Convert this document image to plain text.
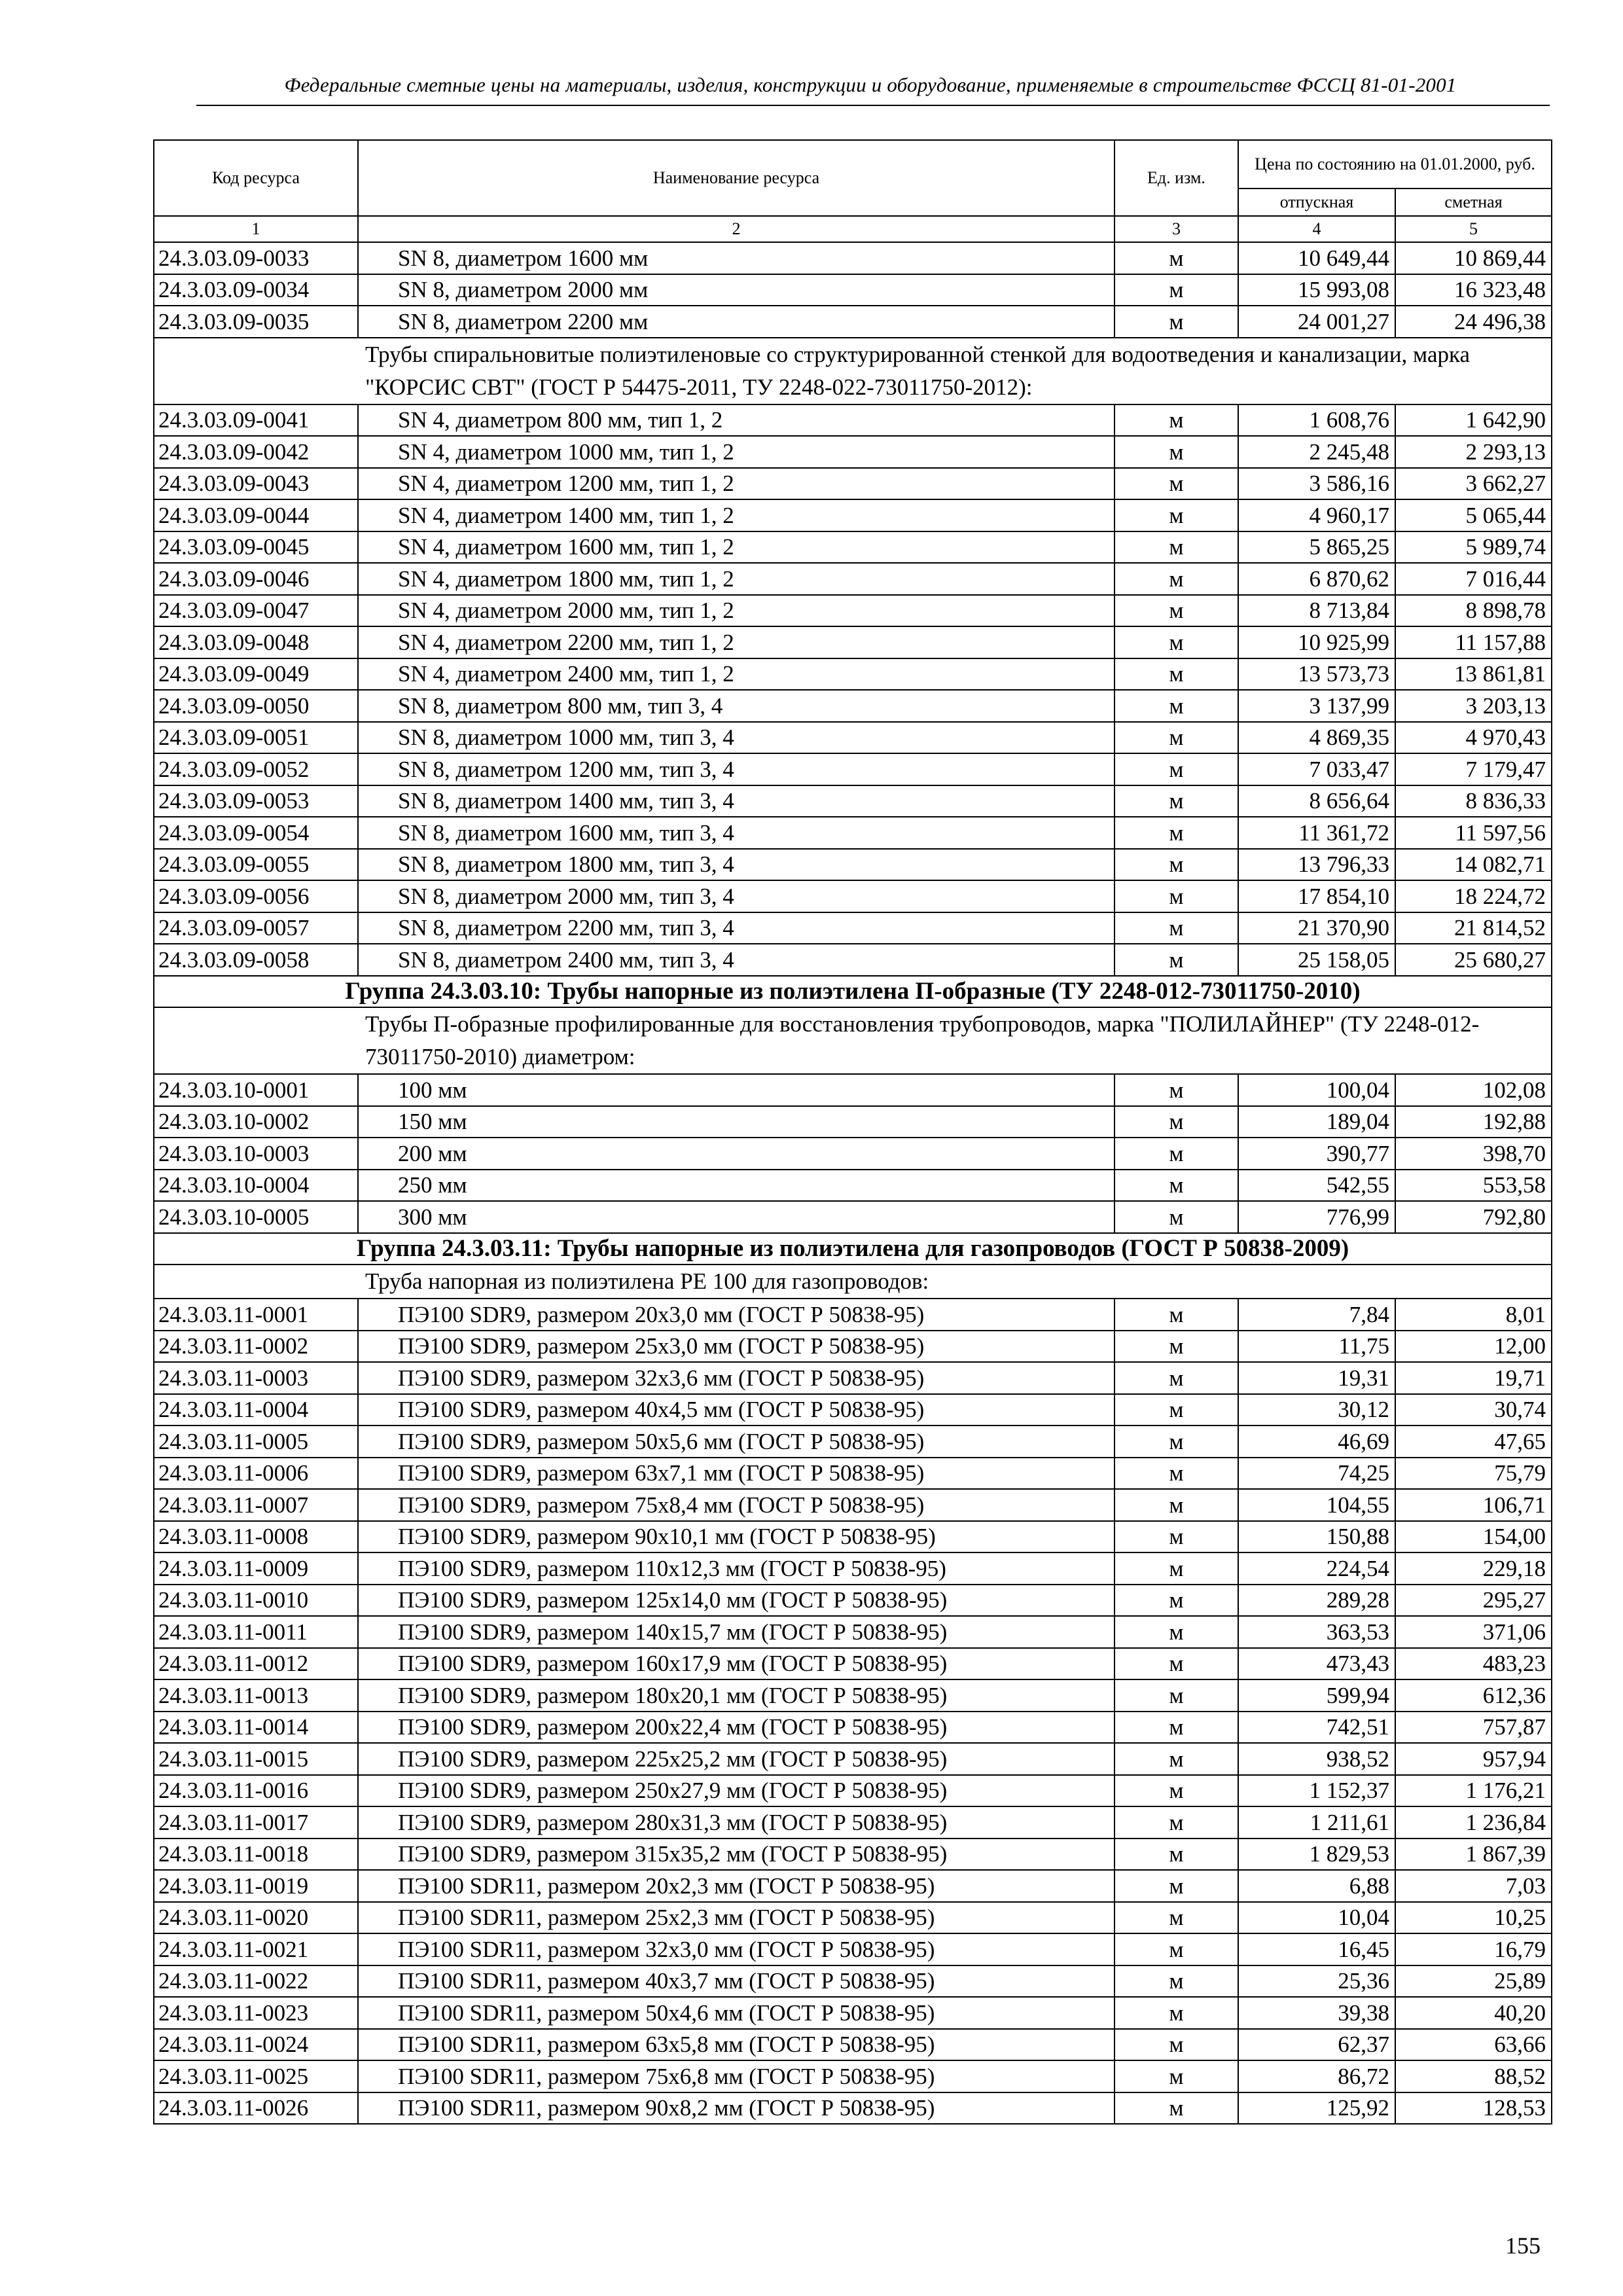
Федеральные сметные цены на материалы, изделия, конструкции и оборудование, применяемые в строительстве ФССЦ 81-01-2001
Код ресурса	Наименование ресурса	Ед. изм.	Цена по состоянию на 01.01.2000, руб.	
			отпускная	сметная
1	2	3	4	5
24.3.03.09-0033	SN 8, диаметром 1600 мм	м	10 649,44	10 869,44
24.3.03.09-0034	SN 8, диаметром 2000 мм	м	15 993,08	16 323,48
24.3.03.09-0035	SN 8, диаметром 2200 мм	м	24 001,27	24 496,38
Трубы спиральновитые полиэтиленовые со структурированной стенкой для водоотведения и канализации, марка "КОРСИС СВТ" (ГОСТ Р 54475-2011, ТУ 2248-022-73011750-2012):				
24.3.03.09-0041	SN 4, диаметром 800 мм, тип 1, 2	м	1 608,76	1 642,90
24.3.03.09-0042	SN 4, диаметром 1000 мм, тип 1, 2	м	2 245,48	2 293,13
24.3.03.09-0043	SN 4, диаметром 1200 мм, тип 1, 2	м	3 586,16	3 662,27
24.3.03.09-0044	SN 4, диаметром 1400 мм, тип 1, 2	м	4 960,17	5 065,44
24.3.03.09-0045	SN 4, диаметром 1600 мм, тип 1, 2	м	5 865,25	5 989,74
24.3.03.09-0046	SN 4, диаметром 1800 мм, тип 1, 2	м	6 870,62	7 016,44
24.3.03.09-0047	SN 4, диаметром 2000 мм, тип 1, 2	м	8 713,84	8 898,78
24.3.03.09-0048	SN 4, диаметром 2200 мм, тип 1, 2	м	10 925,99	11 157,88
24.3.03.09-0049	SN 4, диаметром 2400 мм, тип 1, 2	м	13 573,73	13 861,81
24.3.03.09-0050	SN 8, диаметром 800 мм, тип 3, 4	м	3 137,99	3 203,13
24.3.03.09-0051	SN 8, диаметром 1000 мм, тип 3, 4	м	4 869,35	4 970,43
24.3.03.09-0052	SN 8, диаметром 1200 мм, тип 3, 4	м	7 033,47	7 179,47
24.3.03.09-0053	SN 8, диаметром 1400 мм, тип 3, 4	м	8 656,64	8 836,33
24.3.03.09-0054	SN 8, диаметром 1600 мм, тип 3, 4	м	11 361,72	11 597,56
24.3.03.09-0055	SN 8, диаметром 1800 мм, тип 3, 4	м	13 796,33	14 082,71
24.3.03.09-0056	SN 8, диаметром 2000 мм, тип 3, 4	м	17 854,10	18 224,72
24.3.03.09-0057	SN 8, диаметром 2200 мм, тип 3, 4	м	21 370,90	21 814,52
24.3.03.09-0058	SN 8, диаметром 2400 мм, тип 3, 4	м	25 158,05	25 680,27
Группа 24.3.03.10: Трубы напорные из полиэтилена П-образные (ТУ 2248-012-73011750-2010)				
Трубы П-образные профилированные для восстановления трубопроводов, марка "ПОЛИЛАЙНЕР" (ТУ 2248-012-73011750-2010) диаметром:				
24.3.03.10-0001	100 мм	м	100,04	102,08
24.3.03.10-0002	150 мм	м	189,04	192,88
24.3.03.10-0003	200 мм	м	390,77	398,70
24.3.03.10-0004	250 мм	м	542,55	553,58
24.3.03.10-0005	300 мм	м	776,99	792,80
Группа 24.3.03.11: Трубы напорные из полиэтилена для газопроводов (ГОСТ Р 50838-2009)				
Труба напорная из полиэтилена PE 100 для газопроводов:				
24.3.03.11-0001	ПЭ100 SDR9, размером 20x3,0 мм (ГОСТ Р 50838-95)	м	7,84	8,01
24.3.03.11-0002	ПЭ100 SDR9, размером 25x3,0 мм (ГОСТ Р 50838-95)	м	11,75	12,00
24.3.03.11-0003	ПЭ100 SDR9, размером 32x3,6 мм (ГОСТ Р 50838-95)	м	19,31	19,71
24.3.03.11-0004	ПЭ100 SDR9, размером 40x4,5 мм (ГОСТ Р 50838-95)	м	30,12	30,74
24.3.03.11-0005	ПЭ100 SDR9, размером 50x5,6 мм (ГОСТ Р 50838-95)	м	46,69	47,65
24.3.03.11-0006	ПЭ100 SDR9, размером 63x7,1 мм (ГОСТ Р 50838-95)	м	74,25	75,79
24.3.03.11-0007	ПЭ100 SDR9, размером 75x8,4 мм (ГОСТ Р 50838-95)	м	104,55	106,71
24.3.03.11-0008	ПЭ100 SDR9, размером 90x10,1 мм (ГОСТ Р 50838-95)	м	150,88	154,00
24.3.03.11-0009	ПЭ100 SDR9, размером 110x12,3 мм (ГОСТ Р 50838-95)	м	224,54	229,18
24.3.03.11-0010	ПЭ100 SDR9, размером 125x14,0 мм (ГОСТ Р 50838-95)	м	289,28	295,27
24.3.03.11-0011	ПЭ100 SDR9, размером 140x15,7 мм (ГОСТ Р 50838-95)	м	363,53	371,06
24.3.03.11-0012	ПЭ100 SDR9, размером 160x17,9 мм (ГОСТ Р 50838-95)	м	473,43	483,23
24.3.03.11-0013	ПЭ100 SDR9, размером 180x20,1 мм (ГОСТ Р 50838-95)	м	599,94	612,36
24.3.03.11-0014	ПЭ100 SDR9, размером 200x22,4 мм (ГОСТ Р 50838-95)	м	742,51	757,87
24.3.03.11-0015	ПЭ100 SDR9, размером 225x25,2 мм (ГОСТ Р 50838-95)	м	938,52	957,94
24.3.03.11-0016	ПЭ100 SDR9, размером 250x27,9 мм (ГОСТ Р 50838-95)	м	1 152,37	1 176,21
24.3.03.11-0017	ПЭ100 SDR9, размером 280x31,3 мм (ГОСТ Р 50838-95)	м	1 211,61	1 236,84
24.3.03.11-0018	ПЭ100 SDR9, размером 315x35,2 мм (ГОСТ Р 50838-95)	м	1 829,53	1 867,39
24.3.03.11-0019	ПЭ100 SDR11, размером 20x2,3 мм (ГОСТ Р 50838-95)	м	6,88	7,03
24.3.03.11-0020	ПЭ100 SDR11, размером 25x2,3 мм (ГОСТ Р 50838-95)	м	10,04	10,25
24.3.03.11-0021	ПЭ100 SDR11, размером 32x3,0 мм (ГОСТ Р 50838-95)	м	16,45	16,79
24.3.03.11-0022	ПЭ100 SDR11, размером 40x3,7 мм (ГОСТ Р 50838-95)	м	25,36	25,89
24.3.03.11-0023	ПЭ100 SDR11, размером 50x4,6 мм (ГОСТ Р 50838-95)	м	39,38	40,20
24.3.03.11-0024	ПЭ100 SDR11, размером 63x5,8 мм (ГОСТ Р 50838-95)	м	62,37	63,66
24.3.03.11-0025	ПЭ100 SDR11, размером 75x6,8 мм (ГОСТ Р 50838-95)	м	86,72	88,52
24.3.03.11-0026	ПЭ100 SDR11, размером 90x8,2 мм (ГОСТ Р 50838-95)	м	125,92	128,53
155
